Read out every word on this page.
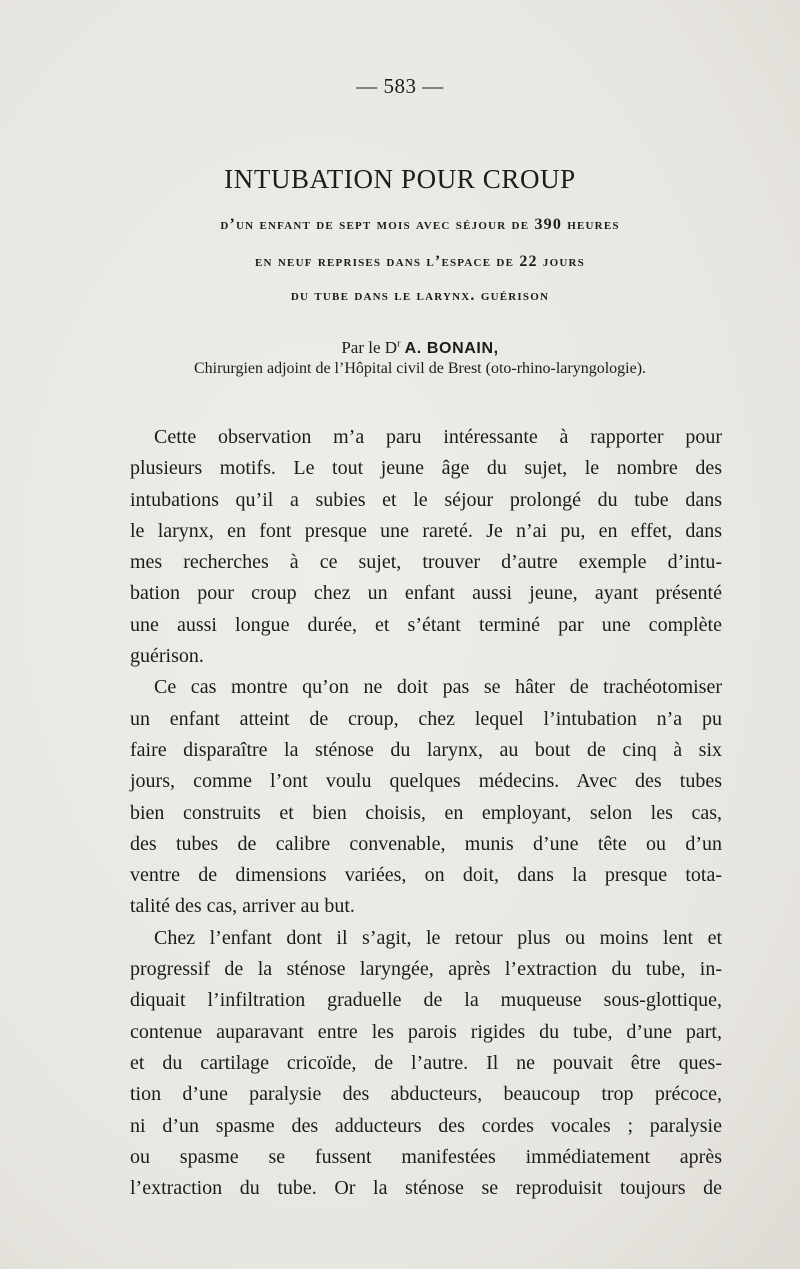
— 583 —
INTUBATION POUR CROUP
d’un enfant de sept mois avec séjour de 390 heures
en neuf reprises dans l’espace de 22 jours
du tube dans le larynx. guérison
Par le $D^r$ A. BONAIN,
Chirurgien adjoint de l’Hôpital civil de Brest (oto-rhino-laryngologie).
Cette observation m’a paru intéressante à rapporter pour
plusieurs motifs. Le tout jeune âge du sujet, le nombre des
intubations qu’il a subies et le séjour prolongé du tube dans
le larynx, en font presque une rareté. Je n’ai pu, en effet, dans
mes recherches à ce sujet, trouver d’autre exemple d’intu-
bation pour croup chez un enfant aussi jeune, ayant présenté
une aussi longue durée, et s’étant terminé par une complète
guérison.
Ce cas montre qu’on ne doit pas se hâter de trachéotomiser
un enfant atteint de croup, chez lequel l’intubation n’a pu
faire disparaître la sténose du larynx, au bout de cinq à six
jours, comme l’ont voulu quelques médecins. Avec des tubes
bien construits et bien choisis, en employant, selon les cas,
des tubes de calibre convenable, munis d’une tête ou d’un
ventre de dimensions variées, on doit, dans la presque tota-
talité des cas, arriver au but.
Chez l’enfant dont il s’agit, le retour plus ou moins lent et
progressif de la sténose laryngée, après l’extraction du tube, in-
diquait l’infiltration graduelle de la muqueuse sous-glottique,
contenue auparavant entre les parois rigides du tube, d’une part,
et du cartilage cricoïde, de l’autre. Il ne pouvait être ques-
tion d’une paralysie des abducteurs, beaucoup trop précoce,
ni d’un spasme des adducteurs des cordes vocales ; paralysie
ou spasme se fussent manifestées immédiatement après
l’extraction du tube. Or la sténose se reproduisit toujours de
